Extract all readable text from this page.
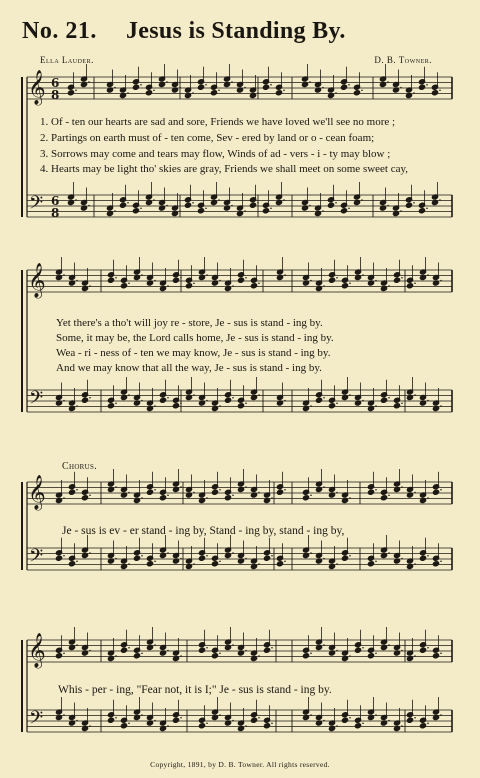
No. 21. Jesus is Standing By.
Ella Lauder.	D. B. Towner.
𝄞
𝄢
6
8
6
8
𝄞
𝄢
𝄞
𝄢
𝄞
𝄢
1. Of - ten our hearts are sad and sore, Friends we have loved we'll see no more ;
2. Partings on earth must of - ten come, Sev - ered by land or o - cean foam;
3. Sorrows may come and tears may flow, Winds of ad - vers - i - ty may blow ;
4. Hearts may be light tho' skies are gray, Friends we shall meet on some sweet cay,
Yet there's a tho't will joy re - store, Je - sus is stand - ing by.
Some, it may be, the Lord calls home, Je - sus is stand - ing by.
Wea - ri - ness of - ten we may know, Je - sus is stand - ing by.
And we may know that all the way, Je - sus is stand - ing by.
Chorus.
Je - sus is ev - er stand - ing by, Stand - ing by, stand - ing by,
Whis - per - ing, "Fear not, it is I;" Je - sus is stand - ing by.
Copyright, 1891, by D. B. Towner. All rights reserved.
